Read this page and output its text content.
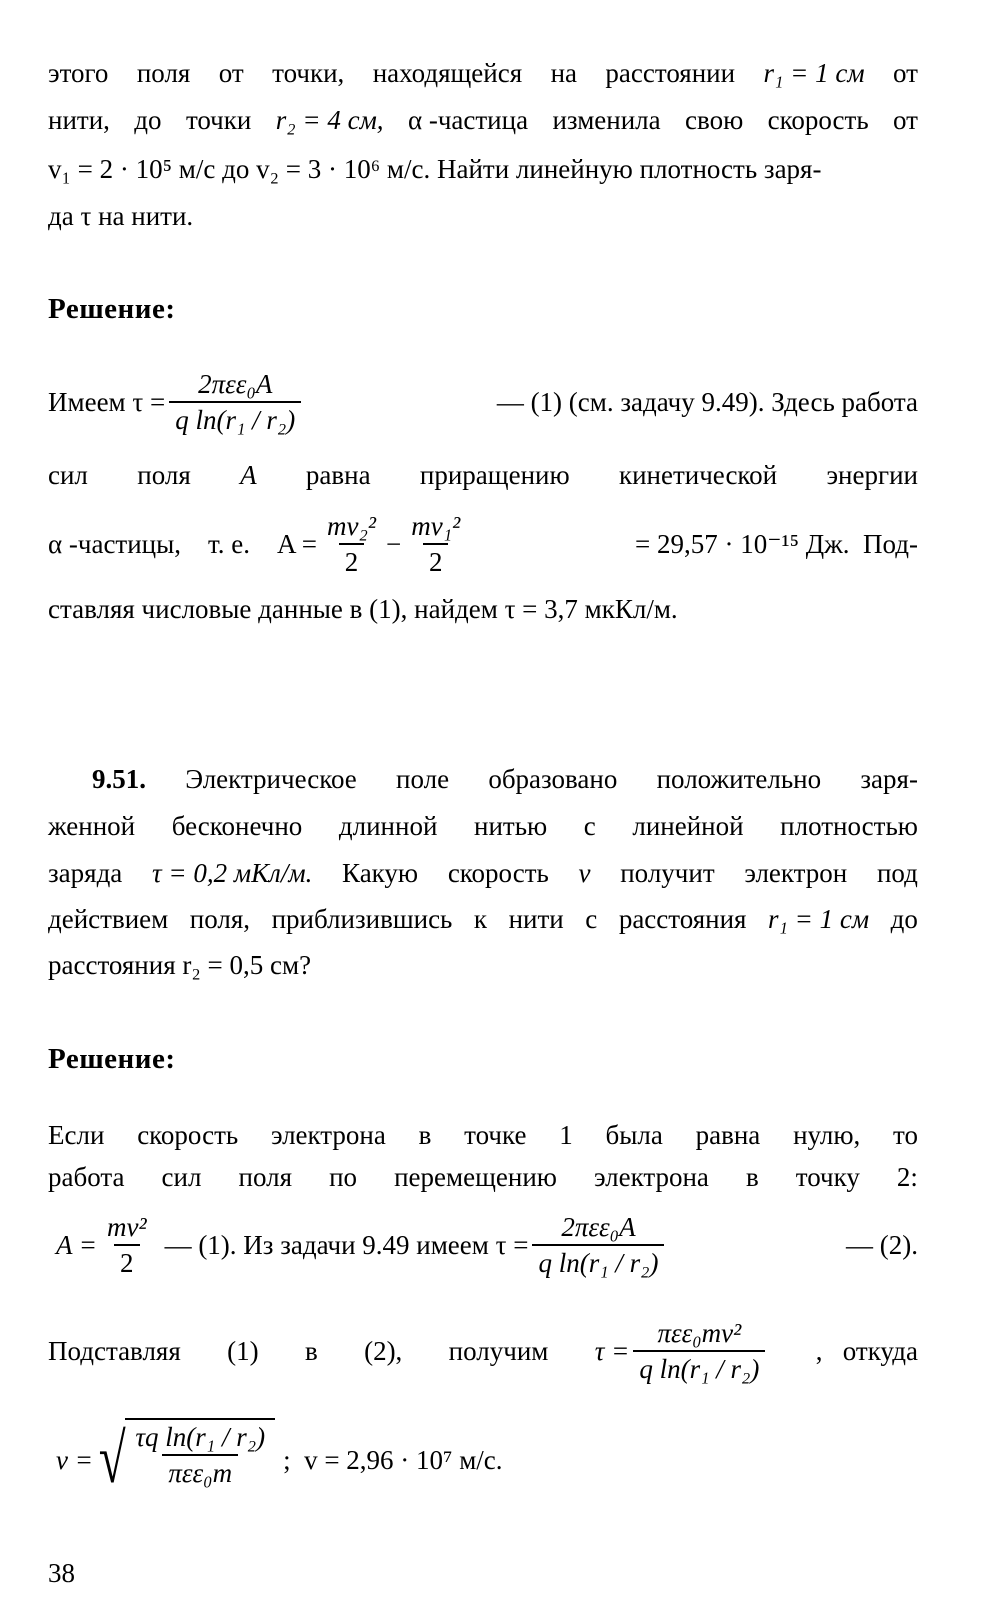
этого поля от точки, находящейся на расстоянии r₁ = 1 см от
нити, до точки r₂ = 4 см, α -частица изменила свою скорость от
v₁ = 2 · 10⁵ м/с до v₂ = 3 · 10⁶ м/с. Найти линейную плотность заря-
да τ на нити.
Решение:
Имеем $\tau = \frac{\text{2πεε₀A}}{\text{q ln(r₁ / r₂)}}$	— (1) (см. задачу 9.49). Здесь работа
сил поля A равна приращению кинетической энергии
α -частицы,    т. е.    $A = \frac{\text{mv₂²}}{2} - \frac{\text{mv₁²}}{2}$	= 29,57 · 10⁻¹⁵ Дж.  Под-
ставляя числовые данные в (1), найдем τ = 3,7 мкКл/м.
9.51. Электрическое поле образовано положительно заря-
женной бесконечно длинной нитью с линейной плотностью
заряда τ = 0,2 мКл/м. Какую скорость v получит электрон под
действием поля, приблизившись к нити с расстояния r₁ = 1 см до
расстояния r₂ = 0,5 см?
Решение:
Если скорость электрона в точке 1 была равна нулю, то
работа сил поля по перемещению электрона в точку 2:
$A = \frac{\text{mv²}}{2}$ — (1). Из задачи 9.49 имеем $\tau = \frac{\text{2πεε₀A}}{\text{q ln(r₁ / r₂)}}$	— (2).
Подставляя (1) в (2), получим $\tau = \frac{\text{πεε₀mv²}}{\text{q ln(r₁ / r₂)}}$ ,   откуда
v = √ $\frac{\text{τq ln(r₁ / r₂)}}{\text{πεε₀m}}$ ;  v = 2,96 · 10⁷ м/с.
38
